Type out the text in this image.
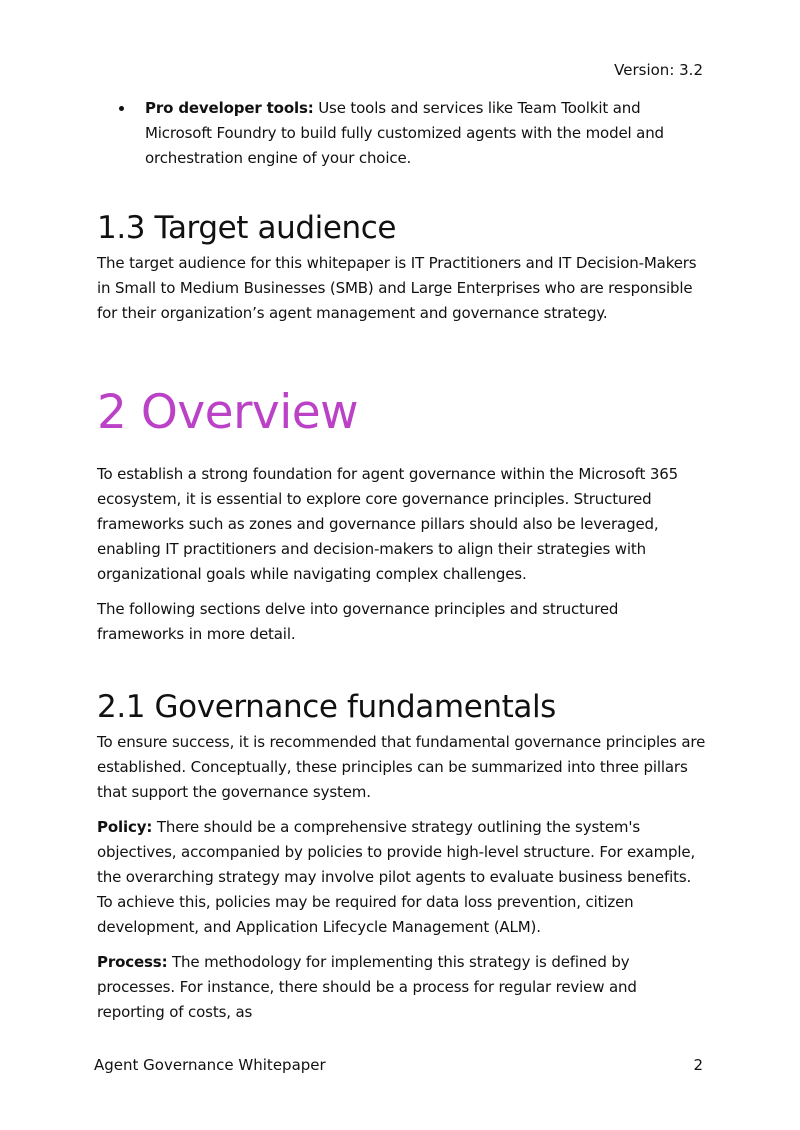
Version: 3.2
Pro developer tools: Use tools and services like Team Toolkit and Microsoft Foundry to build fully customized agents with the model and orchestration engine of your choice.
1.3 Target audience

The target audience for this whitepaper is IT Practitioners and IT Decision-Makers in Small to Medium Businesses (SMB) and Large Enterprises who are responsible for their organization’s agent management and governance strategy.

2 Overview

To establish a strong foundation for agent governance within the Microsoft 365 ecosystem, it is essential to explore core governance principles. Structured frameworks such as zones and governance pillars should also be leveraged, enabling IT practitioners and decision-makers to align their strategies with organizational goals while navigating complex challenges.

The following sections delve into governance principles and structured frameworks in more detail.

2.1 Governance fundamentals

To ensure success, it is recommended that fundamental governance principles are established. Conceptually, these principles can be summarized into three pillars that support the governance system.

Policy: There should be a comprehensive strategy outlining the system's objectives, accompanied by policies to provide high-level structure. For example, the overarching strategy may involve pilot agents to evaluate business benefits. To achieve this, policies may be required for data loss prevention, citizen development, and Application Lifecycle Management (ALM).

Process: The methodology for implementing this strategy is defined by processes. For instance, there should be a process for regular review and reporting of costs, as

Agent Governance Whitepaper	2
